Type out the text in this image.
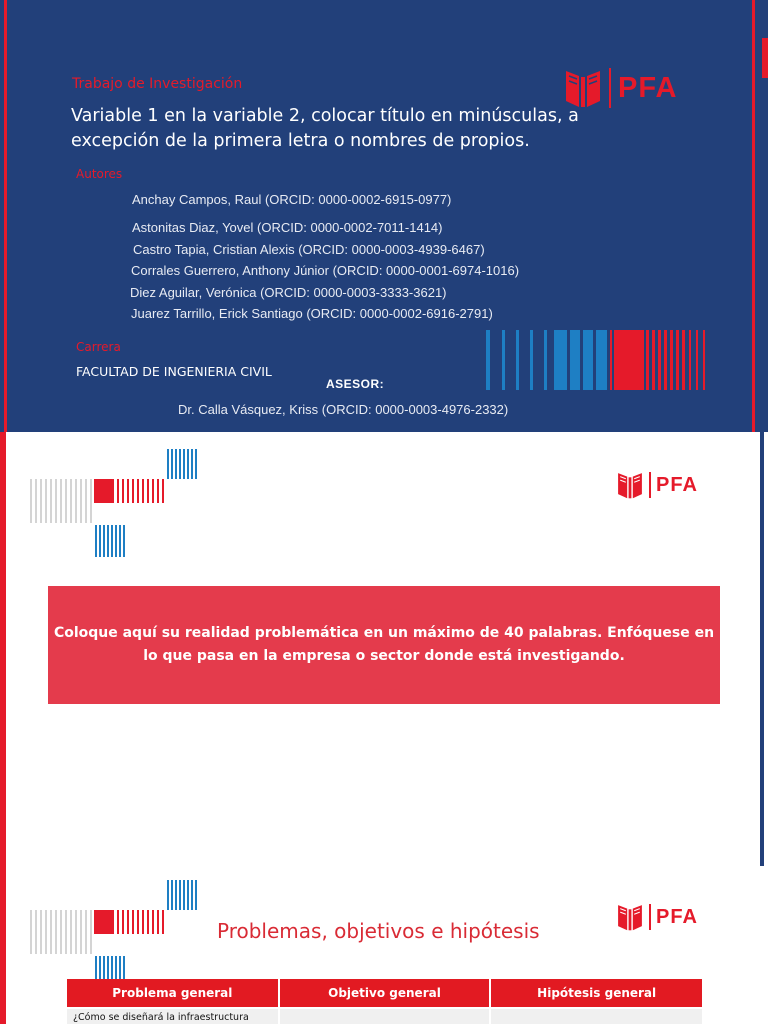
PFA
Trabajo de Investigación
Variable 1 en la variable 2, colocar título en minúsculas, a excepción de la primera letra o nombres de propios.
Autores
Anchay Campos, Raul (ORCID: 0000-0002-6915-0977)
Astonitas Diaz, Yovel (ORCID: 0000-0002-7011-1414)
Castro Tapia, Cristian Alexis (ORCID: 0000-0003-4939-6467)
Corrales Guerrero, Anthony Júnior (ORCID: 0000-0001-6974-1016)
Diez Aguilar, Verónica (ORCID: 0000-0003-3333-3621)
Juarez Tarrillo, Erick Santiago (ORCID: 0000-0002-6916-2791)
Carrera
FACULTAD DE INGENIERIA CIVIL
ASESOR:
Dr. Calla Vásquez, Kriss (ORCID: 0000-0003-4976-2332)
PFA

Coloque aquí su realidad problemática en un máximo de 40 palabras. Enfóquese en lo que pasa en la empresa o sector donde está investigando.

Problemas, objetivos e hipótesis
PFA
Problema general	Objetivo general	Hipótesis general
¿Cómo se diseñará la infraestructura		
